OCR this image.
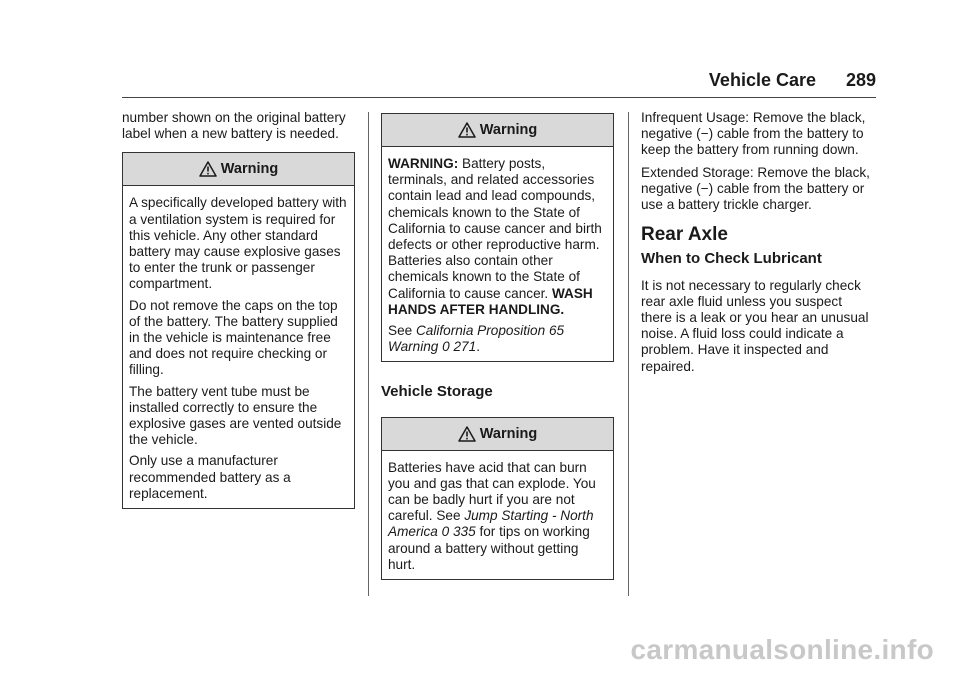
Vehicle Care 289

number shown on the original battery label when a new battery is needed.

Warning

A specifically developed battery with a ventilation system is required for this vehicle. Any other standard battery may cause explosive gases to enter the trunk or passenger compartment.

Do not remove the caps on the top of the battery. The battery supplied in the vehicle is maintenance free and does not require checking or filling.

The battery vent tube must be installed correctly to ensure the explosive gases are vented outside the vehicle.

Only use a manufacturer recommended battery as a replacement.

Warning

WARNING: Battery posts, terminals, and related accessories contain lead and lead compounds, chemicals known to the State of California to cause cancer and birth defects or other reproductive harm. Batteries also contain other chemicals known to the State of California to cause cancer. WASH HANDS AFTER HANDLING.

See California Proposition 65 Warning 0 271.

Vehicle Storage
Warning

Batteries have acid that can burn you and gas that can explode. You can be badly hurt if you are not careful. See Jump Starting - North America 0 335 for tips on working around a battery without getting hurt.

Infrequent Usage: Remove the black, negative (−) cable from the battery to keep the battery from running down.

Extended Storage: Remove the black, negative (−) cable from the battery or use a battery trickle charger.

Rear Axle
When to Check Lubricant

It is not necessary to regularly check rear axle fluid unless you suspect there is a leak or you hear an unusual noise. A fluid loss could indicate a problem. Have it inspected and repaired.

carmanualsonline.info
